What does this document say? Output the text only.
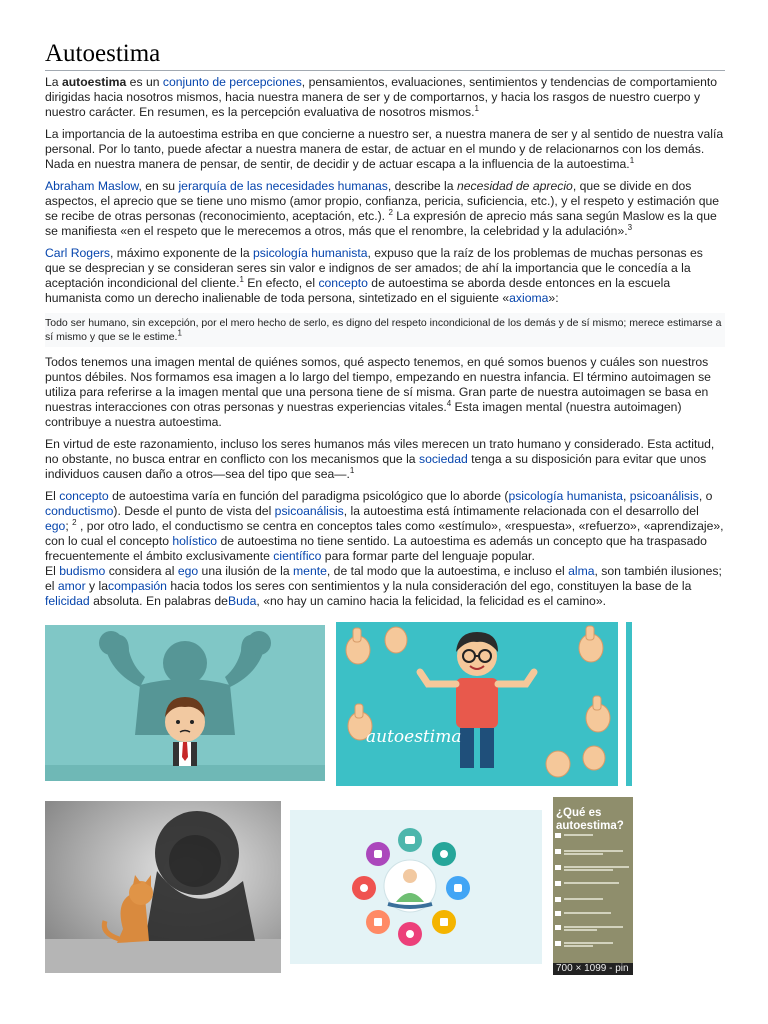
Autoestima

La autoestima es un conjunto de percepciones, pensamientos, evaluaciones, sentimientos y tendencias de comportamiento dirigidas hacia nosotros mismos, hacia nuestra manera de ser y de comportarnos, y hacia los rasgos de nuestro cuerpo y nuestro carácter. En resumen, es la percepción evaluativa de nosotros mismos.$^1$

La importancia de la autoestima estriba en que concierne a nuestro ser, a nuestra manera de ser y al sentido de nuestra valía personal. Por lo tanto, puede afectar a nuestra manera de estar, de actuar en el mundo y de relacionarnos con los demás. Nada en nuestra manera de pensar, de sentir, de decidir y de actuar escapa a la influencia de la autoestima.$^1$

Abraham Maslow, en su jerarquía de las necesidades humanas, describe la necesidad de aprecio, que se divide en dos aspectos, el aprecio que se tiene uno mismo (amor propio, confianza, pericia, suficiencia, etc.), y el respeto y estimación que se recibe de otras personas (reconocimiento, aceptación, etc.). $^2$ La expresión de aprecio más sana según Maslow es la que se manifiesta «en el respeto que le merecemos a otros, más que el renombre, la celebridad y la adulación».$^3$

Carl Rogers, máximo exponente de la psicología humanista, expuso que la raíz de los problemas de muchas personas es que se desprecian y se consideran seres sin valor e indignos de ser amados; de ahí la importancia que le concedía a la aceptación incondicional del cliente.$^1$ En efecto, el concepto de autoestima se aborda desde entonces en la escuela humanista como un derecho inalienable de toda persona, sintetizado en el siguiente «axioma»:

Todo ser humano, sin excepción, por el mero hecho de serlo, es digno del respeto incondicional de los demás y de sí mismo; merece estimarse a sí mismo y que se le estime.$^1$

Todos tenemos una imagen mental de quiénes somos, qué aspecto tenemos, en qué somos buenos y cuáles son nuestros puntos débiles. Nos formamos esa imagen a lo largo del tiempo, empezando en nuestra infancia. El término autoimagen se utiliza para referirse a la imagen mental que una persona tiene de sí misma. Gran parte de nuestra autoimagen se basa en nuestras interacciones con otras personas y nuestras experiencias vitales.$^4$ Esta imagen mental (nuestra autoimagen) contribuye a nuestra autoestima.

En virtud de este razonamiento, incluso los seres humanos más viles merecen un trato humano y considerado. Esta actitud, no obstante, no busca entrar en conflicto con los mecanismos que la sociedad tenga a su disposición para evitar que unos individuos causen daño a otros—sea del tipo que sea—.$^1$

El concepto de autoestima varía en función del paradigma psicológico que lo aborde (psicología humanista, psicoanálisis, o conductismo). Desde el punto de vista del psicoanálisis, la autoestima está íntimamente relacionada con el desarrollo del ego; $^2$ , por otro lado, el conductismo se centra en conceptos tales como «estímulo», «respuesta», «refuerzo», «aprendizaje», con lo cual el concepto holístico de autoestima no tiene sentido. La autoestima es además un concepto que ha traspasado frecuentemente el ámbito exclusivamente científico para formar parte del lenguaje popular.

El budismo considera al ego una ilusión de la mente, de tal modo que la autoestima, e incluso el alma, son también ilusiones; el amor y lacompasión hacia todos los seres con sentimientos y la nula consideración del ego, constituyen la base de la felicidad absoluta. En palabras deBuda, «no hay un camino hacia la felicidad, la felicidad es el camino».

autoestima
¿Qué es autoestima?
700 × 1099 - pin
